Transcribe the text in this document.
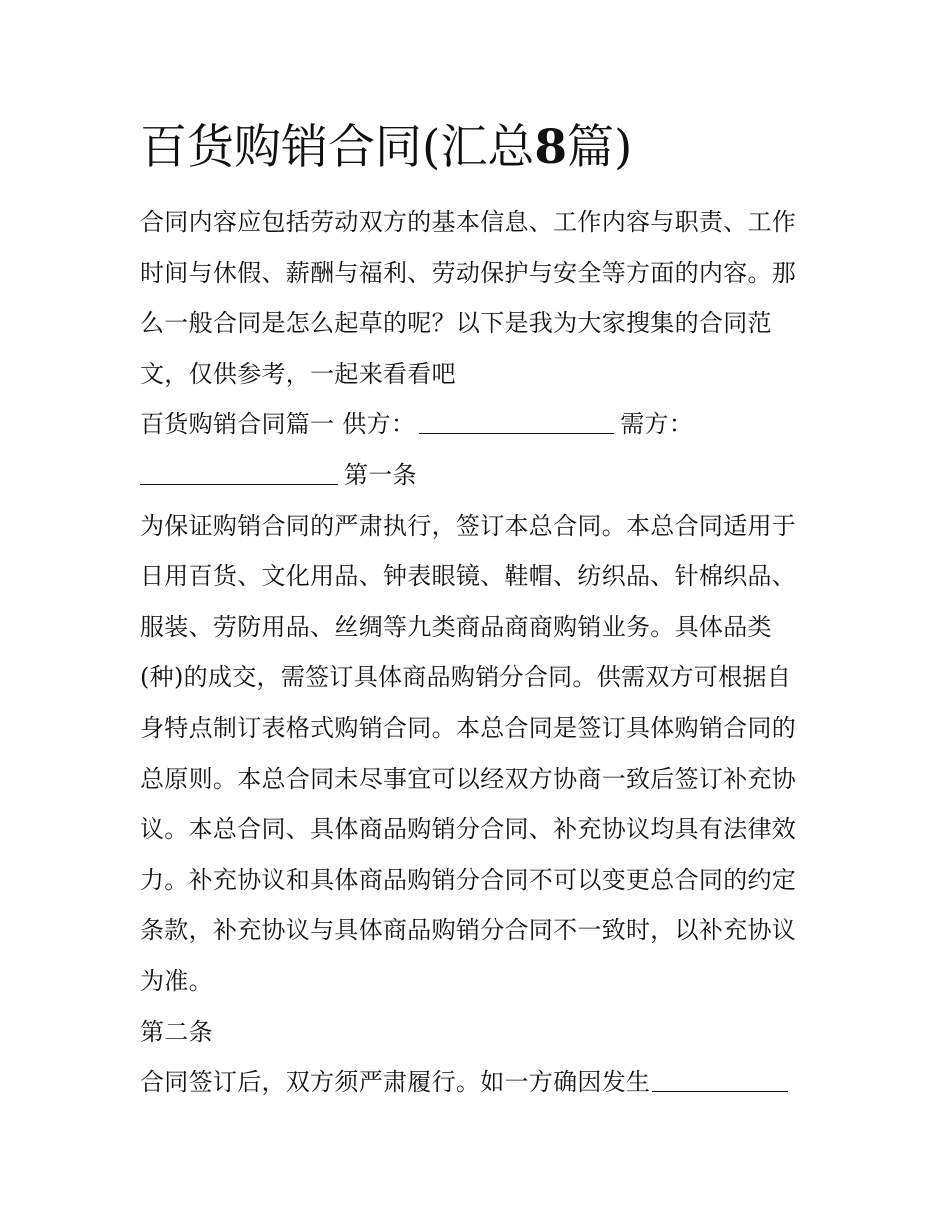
百货购销合同(汇总8篇)
合同内容应包括劳动双方的基本信息、工作内容与职责、工作
时间与休假、薪酬与福利、劳动保护与安全等方面的内容。那
么一般合同是怎么起草的呢？以下是我为大家搜集的合同范
文，仅供参考，一起来看看吧
百货购销合同篇一 供方：	需方：
第一条
为保证购销合同的严肃执行，签订本总合同。本总合同适用于
日用百货、文化用品、钟表眼镜、鞋帽、纺织品、针棉织品、
服装、劳防用品、丝绸等九类商品商商购销业务。具体品类
(种)的成交，需签订具体商品购销分合同。供需双方可根据自
身特点制订表格式购销合同。本总合同是签订具体购销合同的
总原则。本总合同未尽事宜可以经双方协商一致后签订补充协
议。本总合同、具体商品购销分合同、补充协议均具有法律效
力。补充协议和具体商品购销分合同不可以变更总合同的约定
条款，补充协议与具体商品购销分合同不一致时，以补充协议
为准。
第二条
合同签订后，双方须严肃履行。如一方确因发生
